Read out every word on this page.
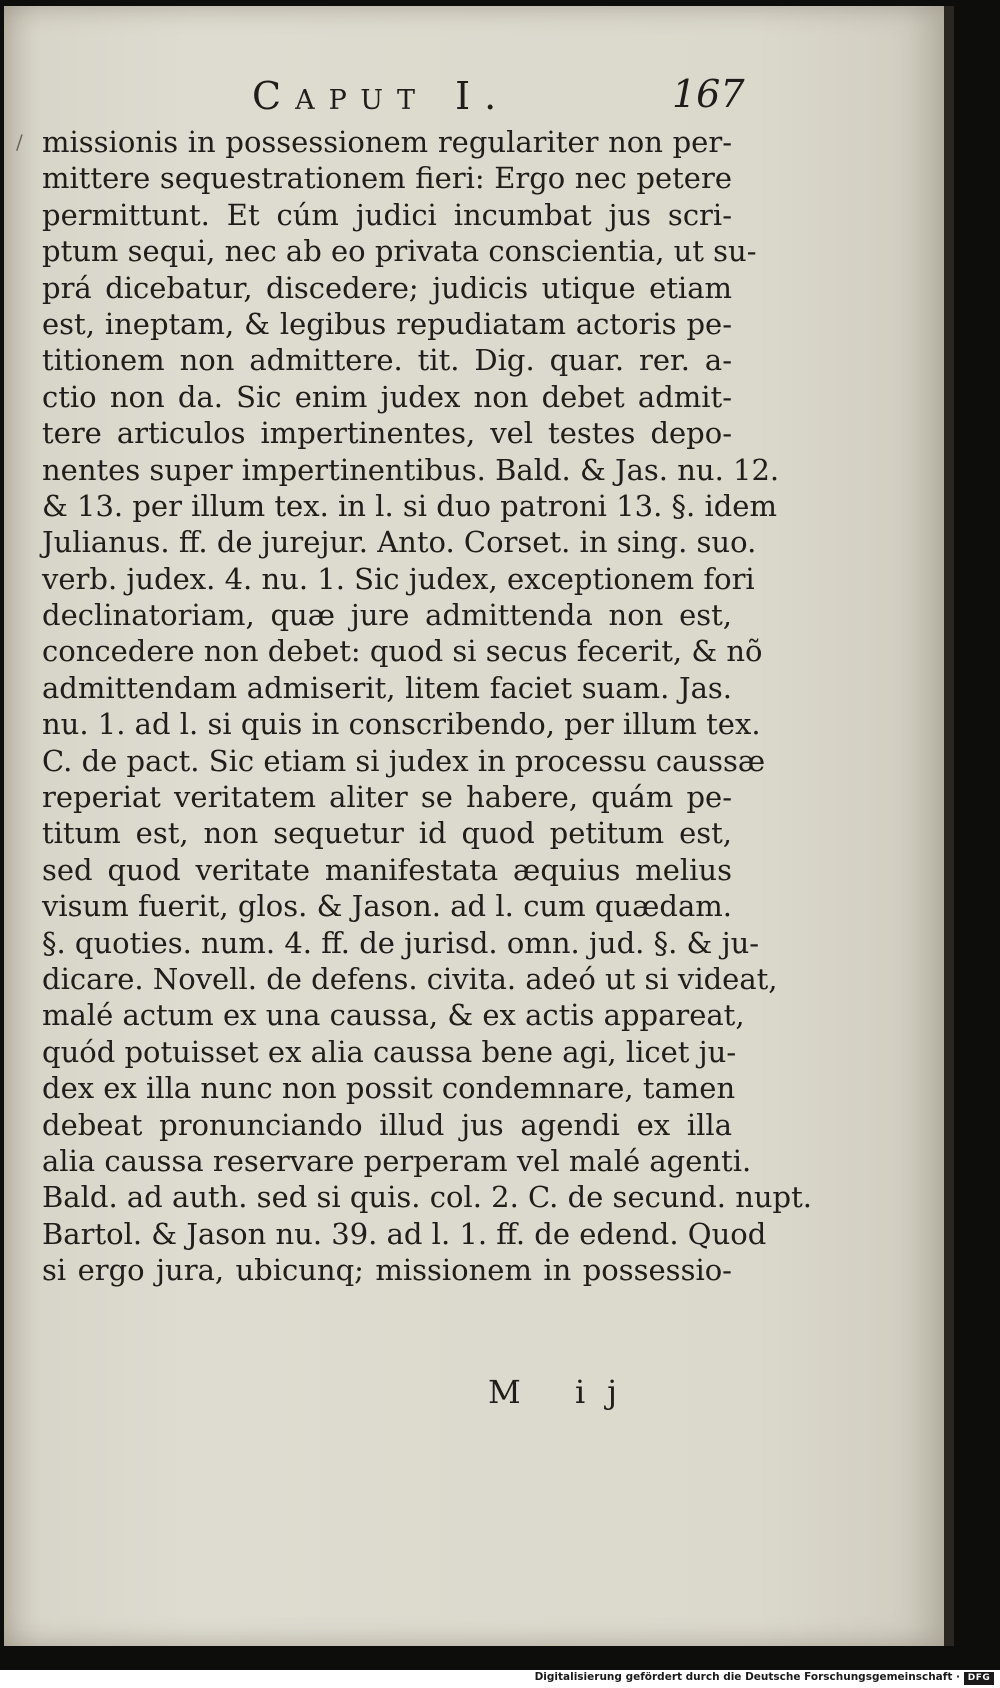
Caput I.	167
/ missionis in possessionem regulariter non per-
mittere sequestrationem fieri: Ergo nec petere
permittunt. Et cúm judici incumbat jus scri-
ptum sequi, nec ab eo privata conscientia, ut su-
prá dicebatur, discedere; judicis utique etiam
est, ineptam, & legibus repudiatam actoris pe-
titionem non admittere. tit. Dig. quar. rer. a-
ctio non da. Sic enim judex non debet admit-
tere articulos impertinentes, vel testes depo-
nentes super impertinentibus. Bald. & Jas. nu. 12.
& 13. per illum tex. in l. si duo patroni 13. §. idem
Julianus. ff. de jurejur. Anto. Corset. in sing. suo.
verb. judex. 4. nu. 1. Sic judex, exceptionem fori
declinatoriam, quæ jure admittenda non est,
concedere non debet: quod si secus fecerit, & nõ
admittendam admiserit, litem faciet suam. Jas.
nu. 1. ad l. si quis in conscribendo, per illum tex.
C. de pact. Sic etiam si judex in processu caussæ
reperiat veritatem aliter se habere, quám pe-
titum est, non sequetur id quod petitum est,
sed quod veritate manifestata æquius melius
visum fuerit, glos. & Jason. ad l. cum quædam.
§. quoties. num. 4. ff. de jurisd. omn. jud. §. & ju-
dicare. Novell. de defens. civita. adeó ut si videat,
malé actum ex una caussa, & ex actis appareat,
quód potuisset ex alia caussa bene agi, licet ju-
dex ex illa nunc non possit condemnare, tamen
debeat pronunciando illud jus agendi ex illa
alia caussa reservare perperam vel malé agenti.
Bald. ad auth. sed si quis. col. 2. C. de secund. nupt.
Bartol. & Jason nu. 39. ad l. 1. ff. de edend. Quod
si ergo jura, ubicunq; missionem in possessio-
M ij
Digitalisierung gefördert durch die Deutsche Forschungsgemeinschaft · DFG
